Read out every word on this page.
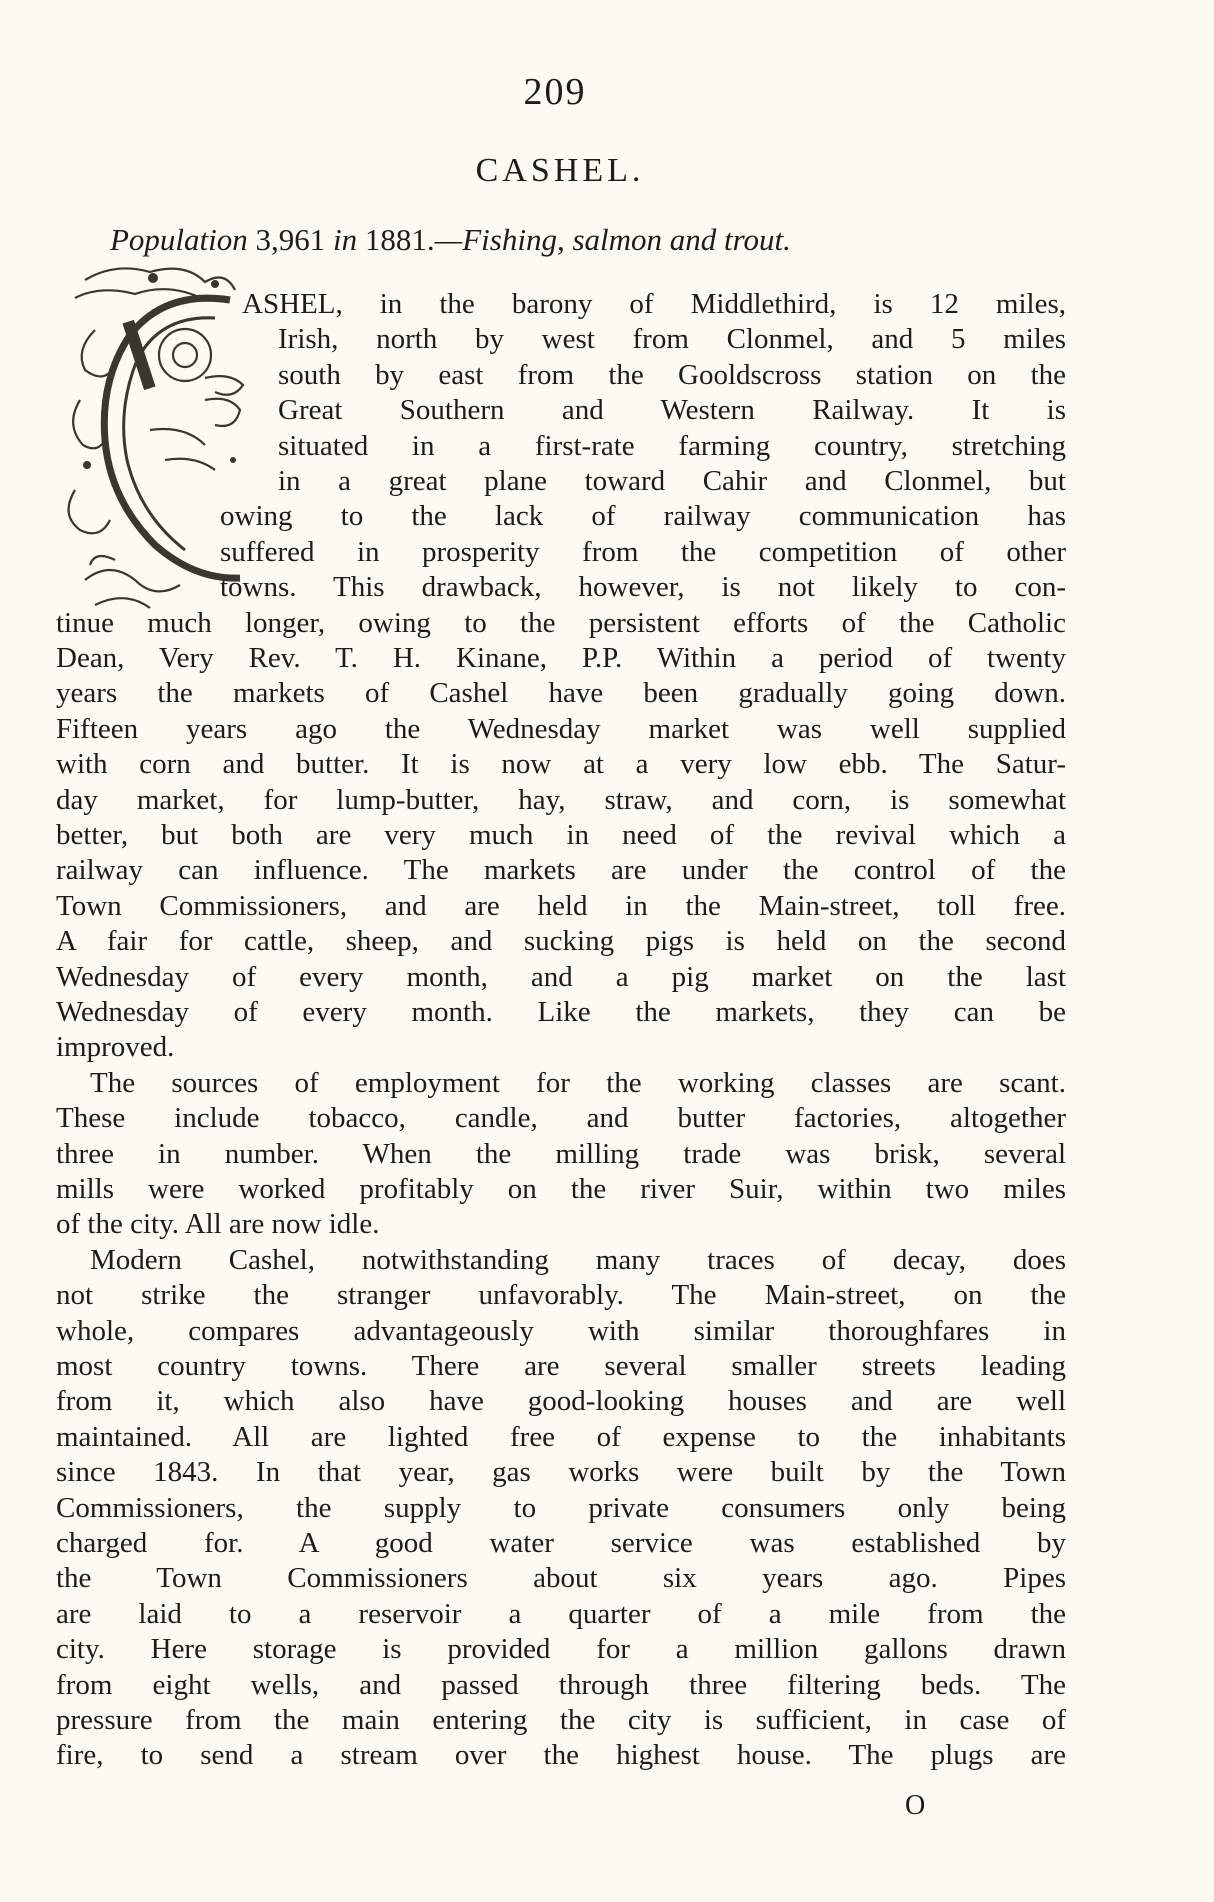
209
CASHEL.
Population 3,961 in 1881.—Fishing, salmon and trout.
ASHEL, in the barony of Middlethird, is 12 miles,
Irish, north by west from Clonmel, and 5 miles
south by east from the Gooldscross station on the
Great Southern and Western Railway. It is
situated in a first-rate farming country, stretching
in a great plane toward Cahir and Clonmel, but
owing to the lack of railway communication has
suffered in prosperity from the competition of other
towns. This drawback, however, is not likely to con-
tinue much longer, owing to the persistent efforts of the Catholic
Dean, Very Rev. T. H. Kinane, P.P. Within a period of twenty
years the markets of Cashel have been gradually going down.
Fifteen years ago the Wednesday market was well supplied
with corn and butter. It is now at a very low ebb. The Satur-
day market, for lump-butter, hay, straw, and corn, is somewhat
better, but both are very much in need of the revival which a
railway can influence. The markets are under the control of the
Town Commissioners, and are held in the Main-street, toll free.
A fair for cattle, sheep, and sucking pigs is held on the second
Wednesday of every month, and a pig market on the last
Wednesday of every month. Like the markets, they can be
improved.
The sources of employment for the working classes are scant.
These include tobacco, candle, and butter factories, altogether
three in number. When the milling trade was brisk, several
mills were worked profitably on the river Suir, within two miles
of the city. All are now idle.
Modern Cashel, notwithstanding many traces of decay, does
not strike the stranger unfavorably. The Main-street, on the
whole, compares advantageously with similar thoroughfares in
most country towns. There are several smaller streets leading
from it, which also have good-looking houses and are well
maintained. All are lighted free of expense to the inhabitants
since 1843. In that year, gas works were built by the Town
Commissioners, the supply to private consumers only being
charged for. A good water service was established by
the Town Commissioners about six years ago. Pipes
are laid to a reservoir a quarter of a mile from the
city. Here storage is provided for a million gallons drawn
from eight wells, and passed through three filtering beds. The
pressure from the main entering the city is sufficient, in case of
fire, to send a stream over the highest house. The plugs are
O
